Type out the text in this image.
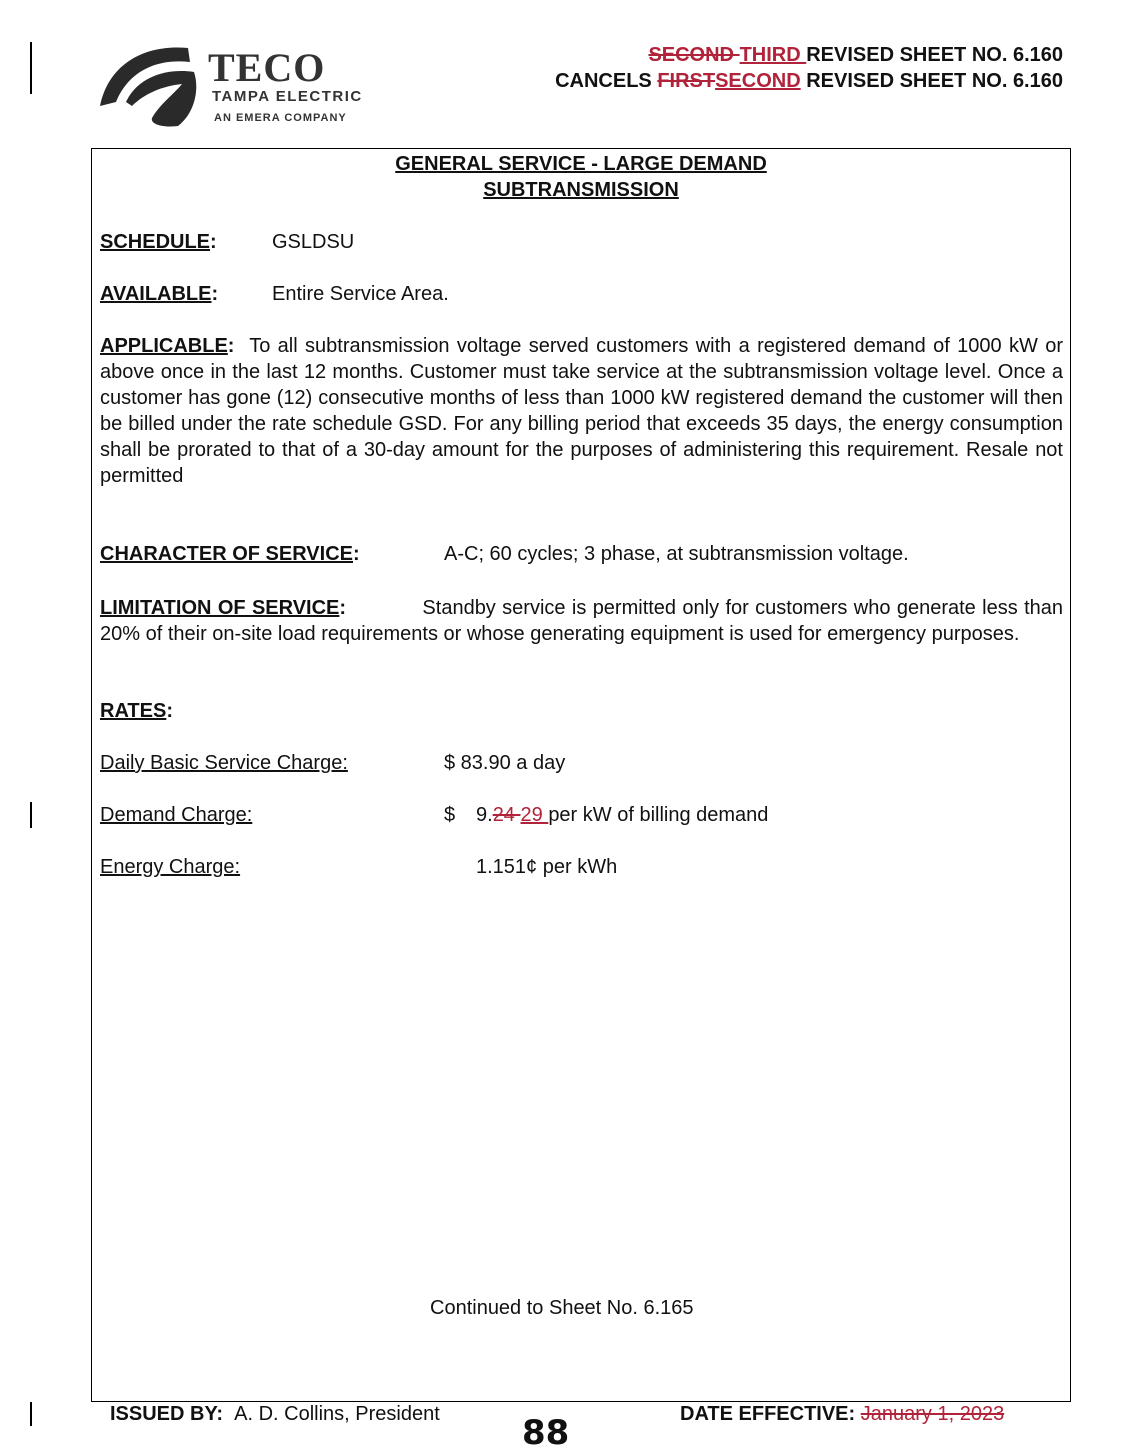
TECO
TAMPA ELECTRIC
AN EMERA COMPANY
SECOND THIRD REVISED SHEET NO. 6.160
CANCELS FIRSTSECOND REVISED SHEET NO. 6.160
GENERAL SERVICE - LARGE DEMAND
SUBTRANSMISSION
SCHEDULE:	GSLDSU
AVAILABLE:	Entire Service Area.
APPLICABLE: To all subtransmission voltage served customers with a registered demand of 1000 kW or above once in the last 12 months. Customer must take service at the subtransmission voltage level. Once a customer has gone (12) consecutive months of less than 1000 kW registered demand the customer will then be billed under the rate schedule GSD. For any billing period that exceeds 35 days, the energy consumption shall be prorated to that of a 30-day amount for the purposes of administering this requirement. Resale not permitted
CHARACTER OF SERVICE:	A-C; 60 cycles; 3 phase, at subtransmission voltage.
LIMITATION OF SERVICE:	Standby service is permitted only for customers who generate less than 20% of their on-site load requirements or whose generating equipment is used for emergency purposes.
RATES:
Daily Basic Service Charge:	$ 83.90 a day
Demand Charge:	$ 9.24 29 per kW of billing demand
Energy Charge:	1.151¢ per kWh
Continued to Sheet No. 6.165
ISSUED BY: A. D. Collins, President 88	DATE EFFECTIVE: January 1, 2023
